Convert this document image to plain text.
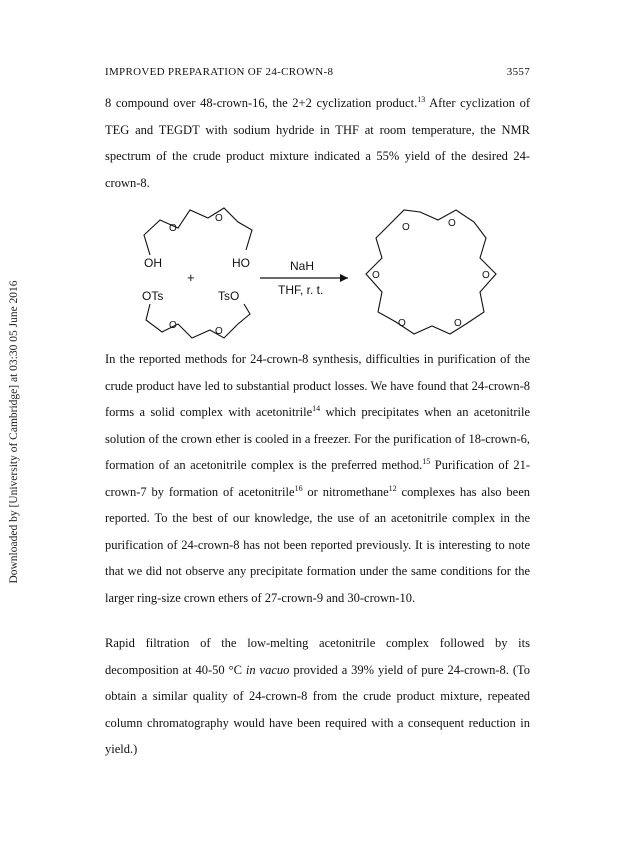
Downloaded by [University of Cambridge] at 03:30 05 June 2016
IMPROVED PREPARATION OF 24-CROWN-8	3557

8 compound over 48-crown-16, the 2+2 cyclization product.$^{13}$ After cyclization of TEG and TEGDT with sodium hydride in THF at room temperature, the NMR spectrum of the crude product mixture indicated a 55% yield of the desired 24-crown-8.

O
O
OH	HO
+
OTs	TsO
O
O
NaH
THF, r. t.
O	O
O	O
O	O

In the reported methods for 24-crown-8 synthesis, difficulties in purification of the crude product have led to substantial product losses. We have found that 24-crown-8 forms a solid complex with acetonitrile$^{14}$ which precipitates when an acetonitrile solution of the crown ether is cooled in a freezer. For the purification of 18-crown-6, formation of an acetonitrile complex is the preferred method.$^{15}$ Purification of 21-crown-7 by formation of acetonitrile$^{16}$ or nitromethane$^{12}$ complexes has also been reported. To the best of our knowledge, the use of an acetonitrile complex in the purification of 24-crown-8 has not been reported previously. It is interesting to note that we did not observe any precipitate formation under the same conditions for the larger ring-size crown ethers of 27-crown-9 and 30-crown-10.

Rapid filtration of the low-melting acetonitrile complex followed by its decomposition at 40-50 °C in vacuo provided a 39% yield of pure 24-crown-8. (To obtain a similar quality of 24-crown-8 from the crude product mixture, repeated column chromatography would have been required with a consequent reduction in yield.)
